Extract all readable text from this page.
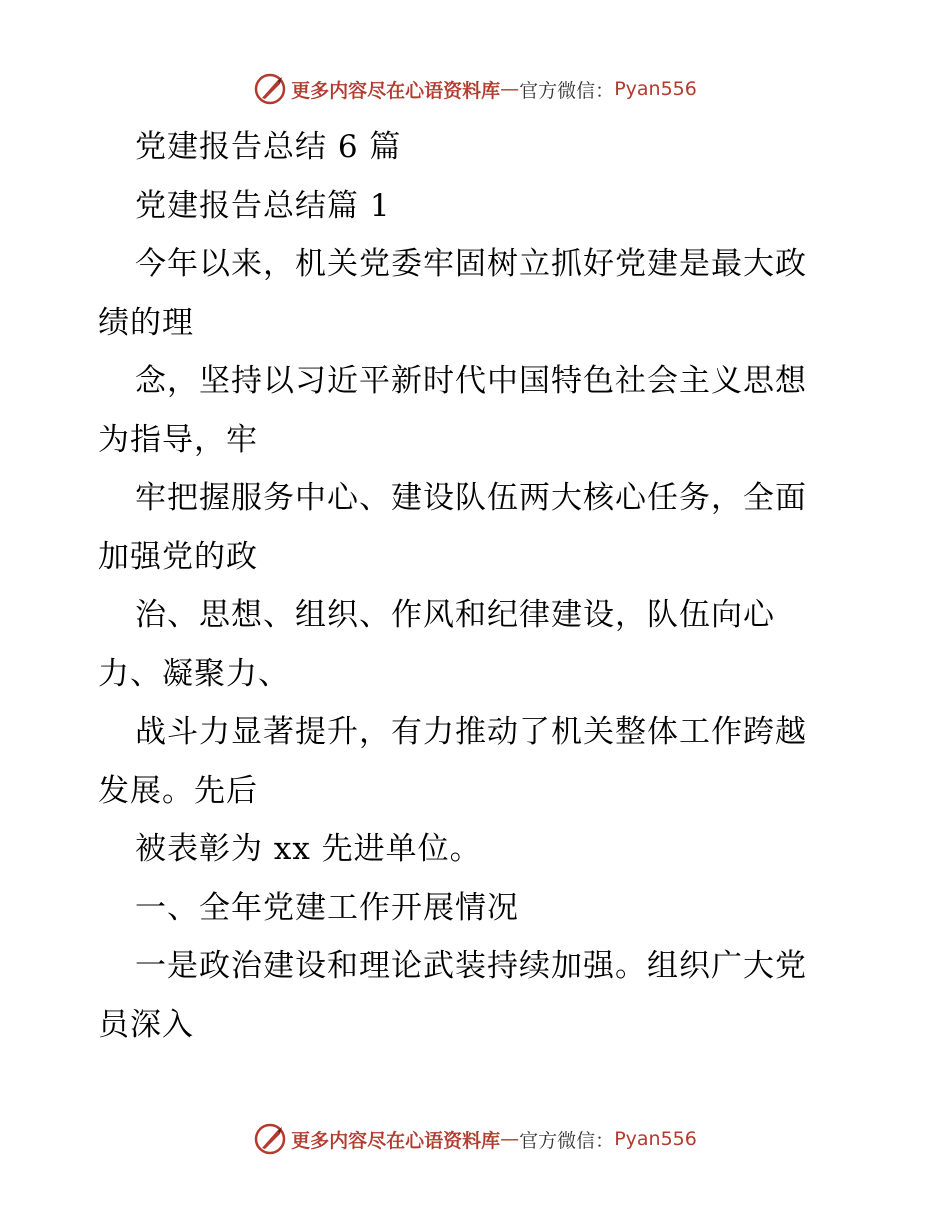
更多内容尽在心语资料库 — 官方微信： Pyan556
党建报告总结 6 篇
党建报告总结篇 1
今年以来，机关党委牢固树立抓好党建是最大政
绩的理
念，坚持以习近平新时代中国特色社会主义思想
为指导，牢
牢把握服务中心、建设队伍两大核心任务，全面
加强党的政
治、思想、组织、作风和纪律建设，队伍向心
力、凝聚力、
战斗力显著提升，有力推动了机关整体工作跨越
发展。先后
被表彰为 xx 先进单位。
一、全年党建工作开展情况
一是政治建设和理论武装持续加强。组织广大党
员深入
更多内容尽在心语资料库 — 官方微信： Pyan556
